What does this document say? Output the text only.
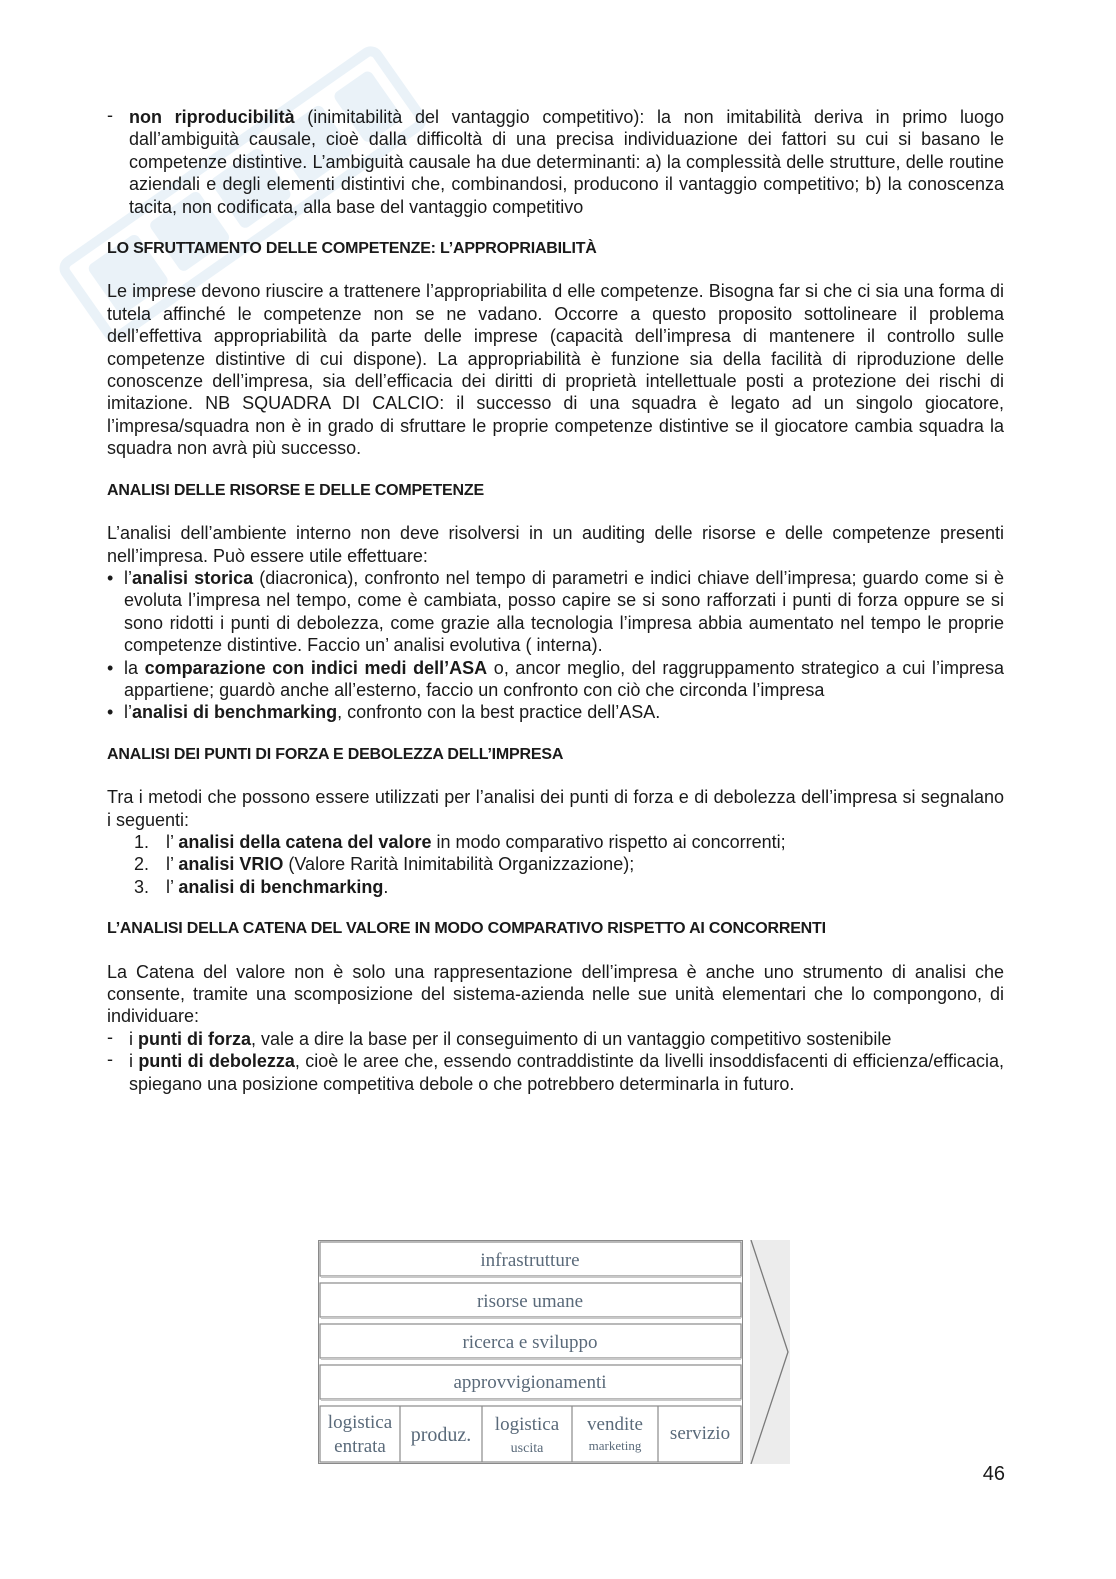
- non riproducibilità (inimitabilità del vantaggio competitivo): la non imitabilità deriva in primo luogo dall’ambiguità causale, cioè dalla difficoltà di una precisa individuazione dei fattori su cui si basano le competenze distintive. L’ambiguità causale ha due determinanti: a) la complessità delle strutture, delle routine aziendali e degli elementi distintivi che, combinandosi, producono il vantaggio competitivo; b) la conoscenza tacita, non codificata, alla base del vantaggio competitivo
LO SFRUTTAMENTO DELLE COMPETENZE: L’APPROPRIABILITÀ

Le imprese devono riuscire a trattenere l’appropriabilita d elle competenze. Bisogna far si che ci sia una forma di tutela affinché le competenze non se ne vadano. Occorre a questo proposito sottolineare il problema dell’effettiva appropriabilità da parte delle imprese (capacità dell’impresa di mantenere il controllo sulle competenze distintive di cui dispone). La appropriabilità è funzione sia della facilità di riproduzione delle conoscenze dell’impresa, sia dell’efficacia dei diritti di proprietà intellettuale posti a protezione dei rischi di imitazione. NB SQUADRA DI CALCIO: il successo di una squadra è legato ad un singolo giocatore, l’impresa/squadra non è in grado di sfruttare le proprie competenze distintive se il giocatore cambia squadra la squadra non avrà più successo.

ANALISI DELLE RISORSE E DELLE COMPETENZE

L’analisi dell’ambiente interno non deve risolversi in un auditing delle risorse e delle competenze presenti nell’impresa. Può essere utile effettuare:

• l’analisi storica (diacronica), confronto nel tempo di parametri e indici chiave dell’impresa; guardo come si è evoluta l’impresa nel tempo, come è cambiata, posso capire se si sono rafforzati i punti di forza oppure se si sono ridotti i punti di debolezza, come grazie alla tecnologia l’impresa abbia aumentato nel tempo le proprie competenze distintive. Faccio un’ analisi evolutiva ( interna).
• la comparazione con indici medi dell’ASA o, ancor meglio, del raggruppamento strategico a cui l’impresa appartiene; guardò anche all’esterno, faccio un confronto con ciò che circonda l’impresa
• l’analisi di benchmarking, confronto con la best practice dell’ASA.
ANALISI DEI PUNTI DI FORZA E DEBOLEZZA DELL’IMPRESA

Tra i metodi che possono essere utilizzati per l’analisi dei punti di forza e di debolezza dell’impresa si segnalano i seguenti:

1. l’ analisi della catena del valore in modo comparativo rispetto ai concorrenti;
2. l’ analisi VRIO (Valore Rarità Inimitabilità Organizzazione);
3. l’ analisi di benchmarking.
L’ANALISI DELLA CATENA DEL VALORE IN MODO COMPARATIVO RISPETTO AI CONCORRENTI

La Catena del valore non è solo una rappresentazione dell’impresa è anche uno strumento di analisi che consente, tramite una scomposizione del sistema-azienda nelle sue unità elementari che lo compongono, di individuare:

- i punti di forza, vale a dire la base per il conseguimento di un vantaggio competitivo sostenibile
- i punti di debolezza, cioè le aree che, essendo contraddistinte da livelli insoddisfacenti di efficienza/efficacia, spiegano una posizione competitiva debole o che potrebbero determinarla in futuro.
infrastrutture
risorse umane
ricerca e sviluppo
approvvigionamenti
logistica
entrata
produz. logistica
uscita
vendite
marketing
servizio
46
